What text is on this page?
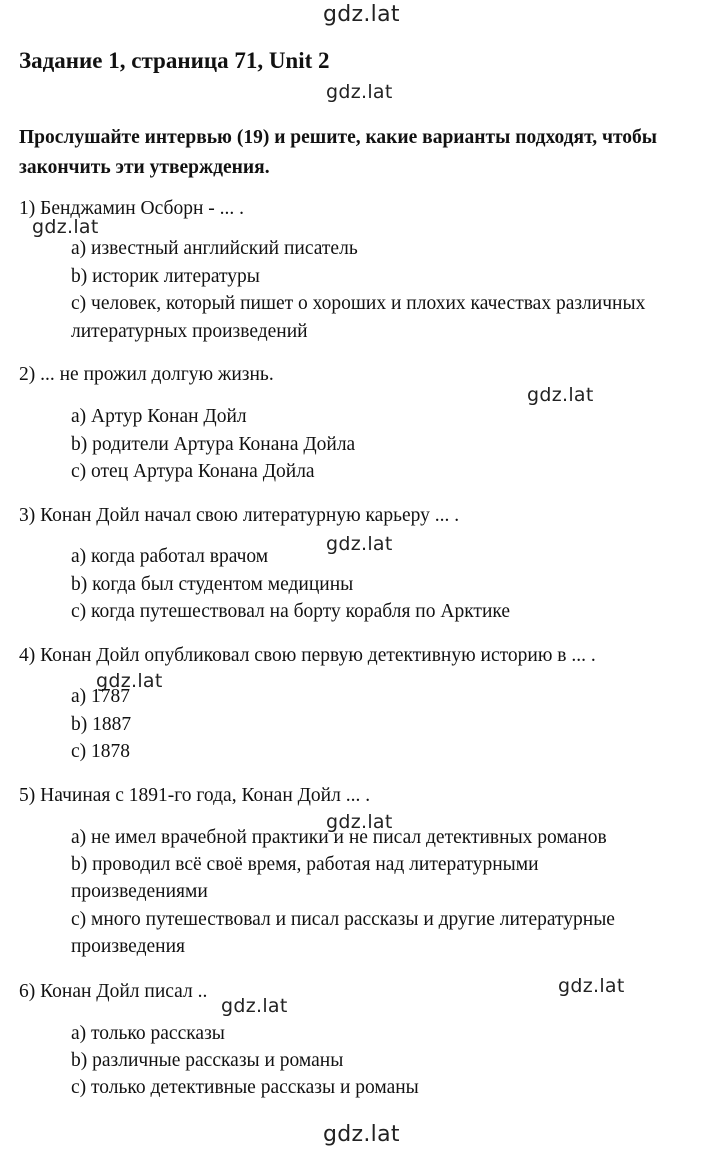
gdz.lat
gdz.lat
gdz.lat
gdz.lat
gdz.lat
gdz.lat
gdz.lat
gdz.lat
gdz.lat
gdz.lat
Задание 1, страница 71, Unit 2
Прослушайте интервью (19) и решите, какие варианты подходят, чтобы закончить эти утверждения.
1) Бенджамин Осборн - ... .
a) известный английский писатель
b) историк литературы
c) человек, который пишет о хороших и плохих качествах различных
литературных произведений
2) ... не прожил долгую жизнь.
a) Артур Конан Дойл
b) родители Артура Конана Дойла
c) отец Артура Конана Дойла
3) Конан Дойл начал свою литературную карьеру ... .
a) когда работал врачом
b) когда был студентом медицины
c) когда путешествовал на борту корабля по Арктике
4) Конан Дойл опубликовал свою первую детективную историю в ... .
a) 1787
b) 1887
c) 1878
5) Начиная с 1891-го года, Конан Дойл ... .
a) не имел врачебной практики и не писал детективных романов
b) проводил всё своё время, работая над литературными
произведениями
c) много путешествовал и писал рассказы и другие литературные
произведения
6) Конан Дойл писал ..
a) только рассказы
b) различные рассказы и романы
c) только детективные рассказы и романы
